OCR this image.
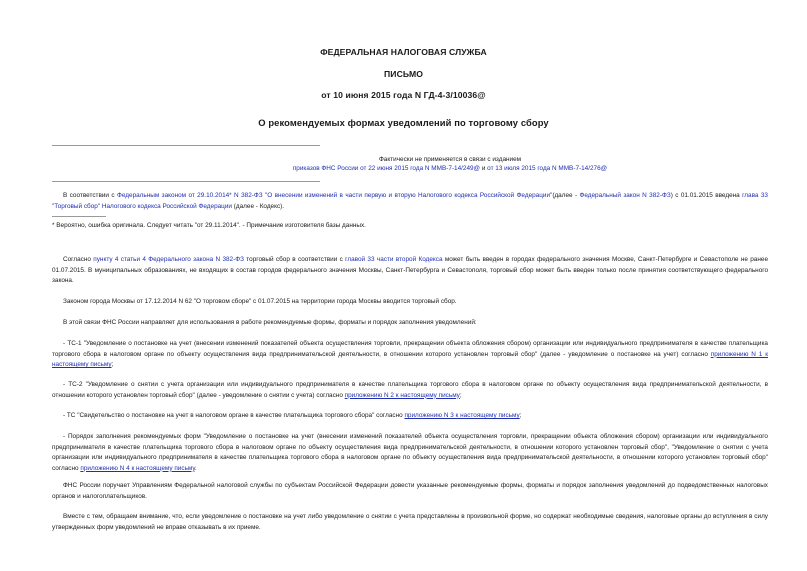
ФЕДЕРАЛЬНАЯ НАЛОГОВАЯ СЛУЖБА
ПИСЬМО
от 10 июня 2015 года N ГД-4-3/10036@
О рекомендуемых формах уведомлений по торговому сбору
Фактически не применяется в связи с изданием
приказов ФНС России от 22 июня 2015 года N ММВ-7-14/249@ и от 13 июля 2015 года N ММВ-7-14/276@

В соответствии с Федеральным законом от 29.10.2014* N 382-ФЗ "О внесении изменений в части первую и вторую Налогового кодекса Российской Федерации"(далее - Федеральный закон N 382-ФЗ) с 01.01.2015 введена глава 33 "Торговый сбор" Налогового кодекса Российской Федерации (далее - Кодекс).

* Вероятно, ошибка оригинала. Следует читать "от 29.11.2014". - Примечание изготовителя базы данных.

Согласно пункту 4 статьи 4 Федерального закона N 382-ФЗ торговый сбор в соответствии с главой 33 части второй Кодекса может быть введен в городах федерального значения Москве, Санкт-Петербурге и Севастополе не ранее 01.07.2015. В муниципальных образованиях, не входящих в состав городов федерального значения Москвы, Санкт-Петербурга и Севастополя, торговый сбор может быть введен только после принятия соответствующего федерального закона.

Законом города Москвы от 17.12.2014 N 62 "О торговом сборе" с 01.07.2015 на территории города Москвы вводится торговый сбор.

В этой связи ФНС России направляет для использования в работе рекомендуемые формы, форматы и порядок заполнения уведомлений:

- ТС-1 "Уведомление о постановке на учет (внесении изменений показателей объекта осуществления торговли, прекращении объекта обложения сбором) организации или индивидуального предпринимателя в качестве плательщика торгового сбора в налоговом органе по объекту осуществления вида предпринимательской деятельности, в отношении которого установлен торговый сбор" (далее - уведомление о постановке на учет) согласно приложению N 1 к настоящему письму;

- ТС-2 "Уведомление о снятии с учета организации или индивидуального предпринимателя в качестве плательщика торгового сбора в налоговом органе по объекту осуществления вида предпринимательской деятельности, в отношении которого установлен торговый сбор" (далее - уведомление о снятии с учета) согласно приложению N 2 к настоящему письму;

- ТС "Свидетельство о постановке на учет в налоговом органе в качестве плательщика торгового сбора" согласно приложению N 3 к настоящему письму;

- Порядок заполнения рекомендуемых форм "Уведомление о постановке на учет (внесении изменений показателей объекта осуществления торговли, прекращении объекта обложения сбором) организации или индивидуального предпринимателя в качестве плательщика торгового сбора в налоговом органе по объекту осуществления вида предпринимательской деятельности, в отношении которого установлен торговый сбор", "Уведомление о снятии с учета организации или индивидуального предпринимателя в качестве плательщика торгового сбора в налоговом органе по объекту осуществления вида предпринимательской деятельности, в отношении которого установлен торговый сбор" согласно приложению N 4 к настоящему письму.

ФНС России поручает Управлениям Федеральной налоговой службы по субъектам Российской Федерации довести указанные рекомендуемые формы, форматы и порядок заполнения уведомлений до подведомственных налоговых органов и налогоплательщиков.

Вместе с тем, обращаем внимание, что, если уведомление о постановке на учет либо уведомление о снятии с учета представлены в произвольной форме, но содержат необходимые сведения, налоговые органы до вступления в силу утвержденных форм уведомлений не вправе отказывать в их приеме.
